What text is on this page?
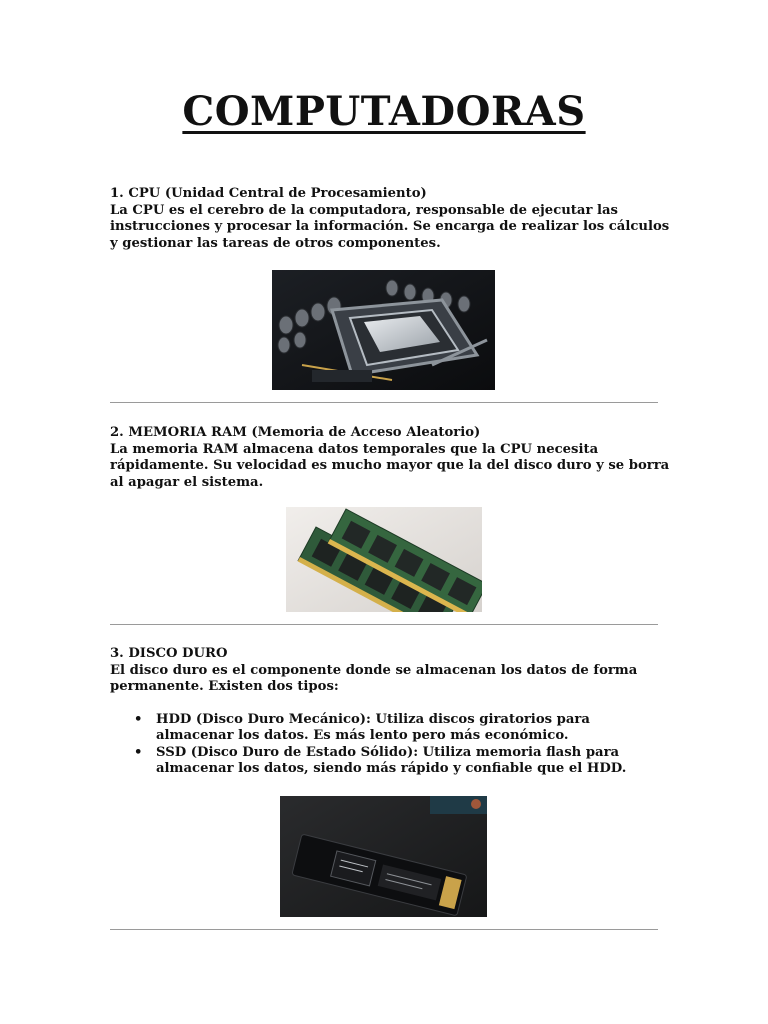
COMPUTADORAS

1. CPU (Unidad Central de Procesamiento)

La CPU es el cerebro de la computadora, responsable de ejecutar las instrucciones y procesar la información. Se encarga de realizar los cálculos y gestionar las tareas de otros componentes.

2. MEMORIA RAM (Memoria de Acceso Aleatorio)

La memoria RAM almacena datos temporales que la CPU necesita rápidamente. Su velocidad es mucho mayor que la del disco duro y se borra al apagar el sistema.

3. DISCO DURO

El disco duro es el componente donde se almacenan los datos de forma permanente. Existen dos tipos:

• HDD (Disco Duro Mecánico): Utiliza discos giratorios para almacenar los datos. Es más lento pero más económico.
• SSD (Disco Duro de Estado Sólido): Utiliza memoria flash para almacenar los datos, siendo más rápido y confiable que el HDD.
